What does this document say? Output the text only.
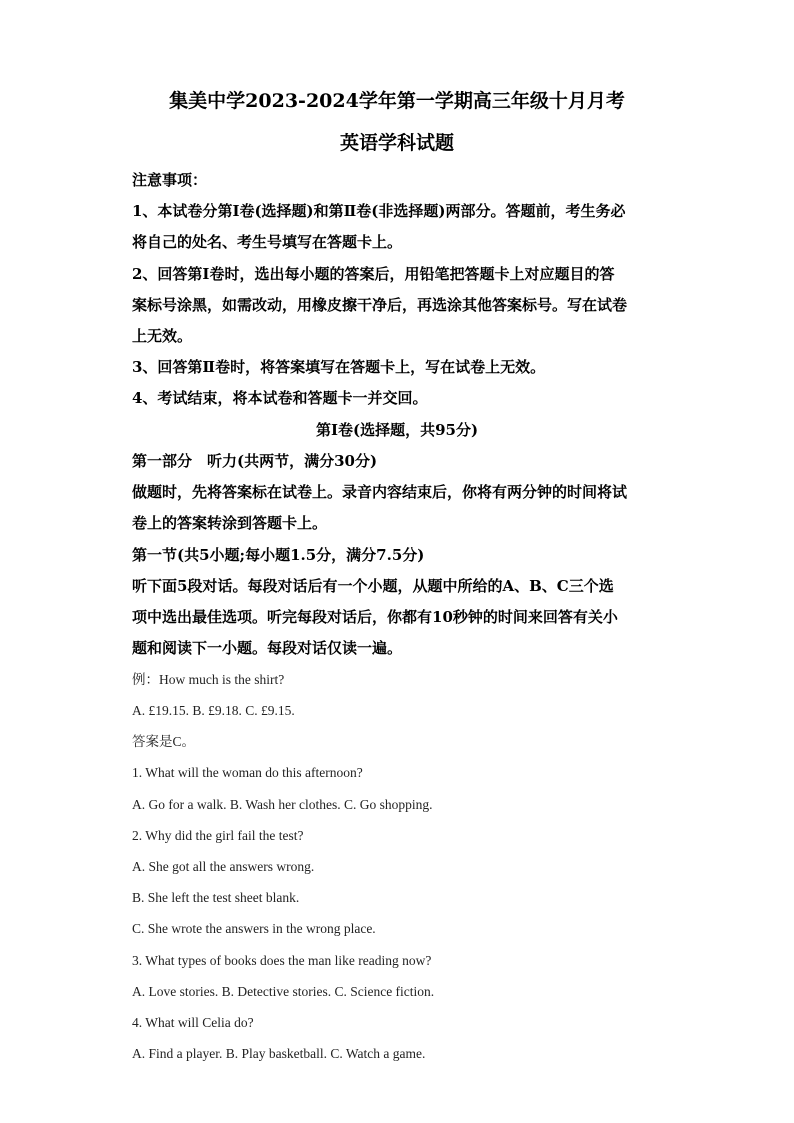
集美中学2023-2024学年第一学期高三年级十月月考
英语学科试题
注意事项：
1、本试卷分第Ⅰ卷(选择题)和第Ⅱ卷(非选择题)两部分。答题前，考生务必
将自己的处名、考生号填写在答题卡上。
2、回答第Ⅰ卷时，选出每小题的答案后，用铅笔把答题卡上对应题目的答
案标号涂黑，如需改动，用橡皮擦干净后，再选涂其他答案标号。写在试卷
上无效。
3、回答第Ⅱ卷时，将答案填写在答题卡上，写在试卷上无效。
4、考试结束，将本试卷和答题卡一并交回。
第Ⅰ卷(选择题，共95分)
第一部分　听力(共两节，满分30分)
做题时，先将答案标在试卷上。录音内容结束后，你将有两分钟的时间将试
卷上的答案转涂到答题卡上。
第一节(共5小题;每小题1.5分，满分7.5分)
听下面5段对话。每段对话后有一个小题，从题中所给的A、B、C三个选
项中选出最佳选项。听完每段对话后，你都有10秒钟的时间来回答有关小
题和阅读下一小题。每段对话仅读一遍。
例：How much is the shirt?
A. £19.15. B. £9.18. C. £9.15.
答案是C。
1. What will the woman do this afternoon?
A. Go for a walk. B. Wash her clothes. C. Go shopping.
2. Why did the girl fail the test?
A. She got all the answers wrong.
B. She left the test sheet blank.
C. She wrote the answers in the wrong place.
3. What types of books does the man like reading now?
A. Love stories. B. Detective stories. C. Science fiction.
4. What will Celia do?
A. Find a player. B. Play basketball. C. Watch a game.
